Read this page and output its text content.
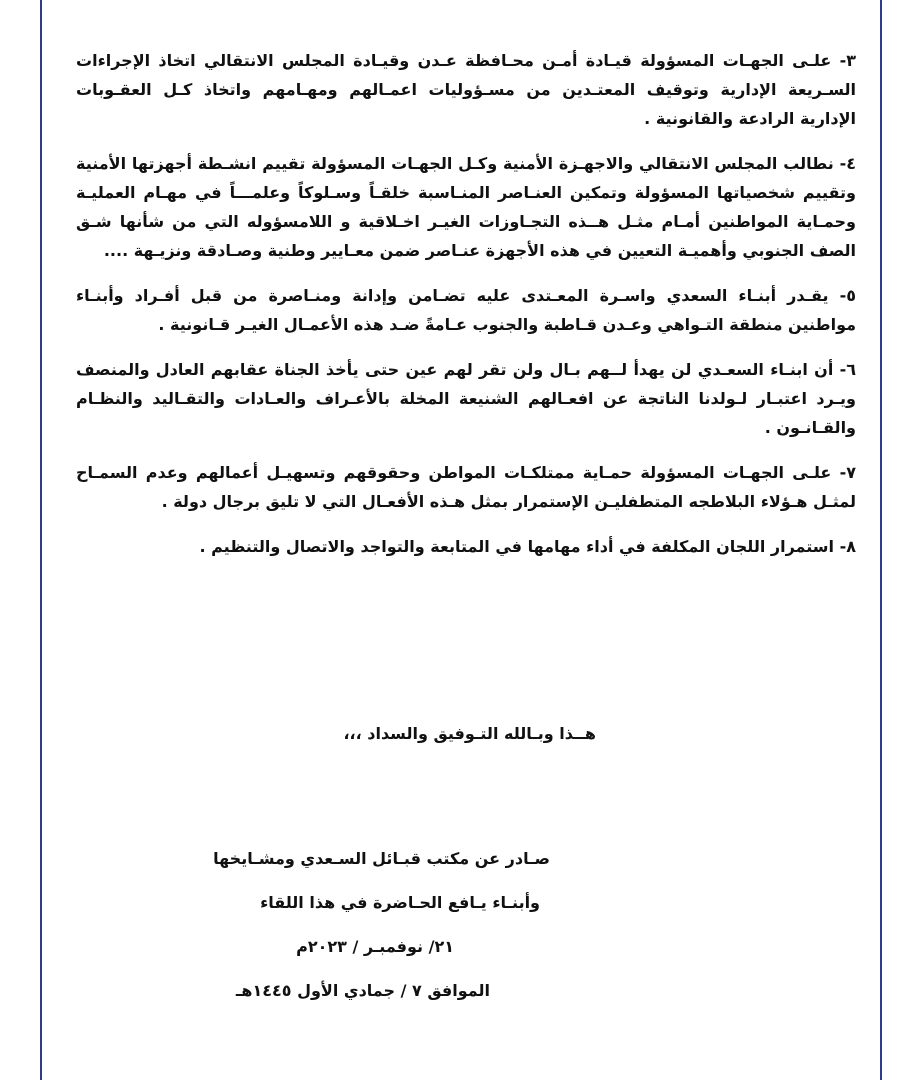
٣- علـى الجهـات المسؤولة قيـادة أمـن محـافظة عـدن وقيـادة المجلس الانتقالي اتخاذ الإجراءات السـريعة الإدارية وتوقيف المعتـدين من مسـؤوليات اعمـالهم ومهـامهم واتخاذ كـل العقـوبات الإدارية الرادعة والقانونية .

٤- نطالب المجلس الانتقالي والاجهـزة الأمنية وكـل الجهـات المسؤولة تقييم انشـطة أجهزتها الأمنية وتقييم شخصياتها المسؤولة وتمكين العنـاصر المنـاسبة خلقـاً وسـلوكاً وعلمـــاً في مهـام العمليـة وحمـاية المواطنين أمـام مثـل هــذه التجـاوزات الغيـر اخـلاقية و اللامسؤوله التي من شأنها شـق الصف الجنوبي وأهميـة التعيين في هذه الأجهزة عنـاصر ضمن معـايير وطنية وصـادقة ونزيـهة ....

٥- يقـدر أبنـاء السعدي واسـرة المعـتدى عليه تضـامن وإدانة ومنـاصرة من قبل أفـراد وأبنـاء مواطنين منطقة التـواهي وعـدن قـاطبة والجنوب عـامةً ضـد هذه الأعمـال الغيـر قـانونية .

٦- أن ابنـاء السعـدي لن يهدأ لــهم بـال ولن تقر لهم عين حتى يأخذ الجناة عقابهم العادل والمنصف ويـرد اعتبـار لـولدنا الناتجة عن افعـالهم الشنيعة المخلة بالأعـراف والعـادات والتقـاليد والنظـام والقـانـون .

٧- علـى الجهـات المسؤولة حمـاية ممتلكـات المواطن وحقوقهم وتسهيـل أعمالهم وعدم السمـاح لمثـل هـؤلاء البلاطجه المتطفليـن الإستمرار بمثل هـذه الأفعـال التي لا تليق برجال دولة .

٨- استمرار اللجان المكلفة في أداء مهامها في المتابعة والتواجد والاتصال والتنظيم .

هــذا وبـالله التـوفيق والسداد ،،،
صـادر عن مكتب قبـائل السـعدي ومشـايخها
وأبنـاء يـافع الحـاضرة في هذا اللقاء
٢١/ نوفمبـر / ٢٠٢٣م
الموافق ٧ / جمادي الأول ١٤٤٥هـ
